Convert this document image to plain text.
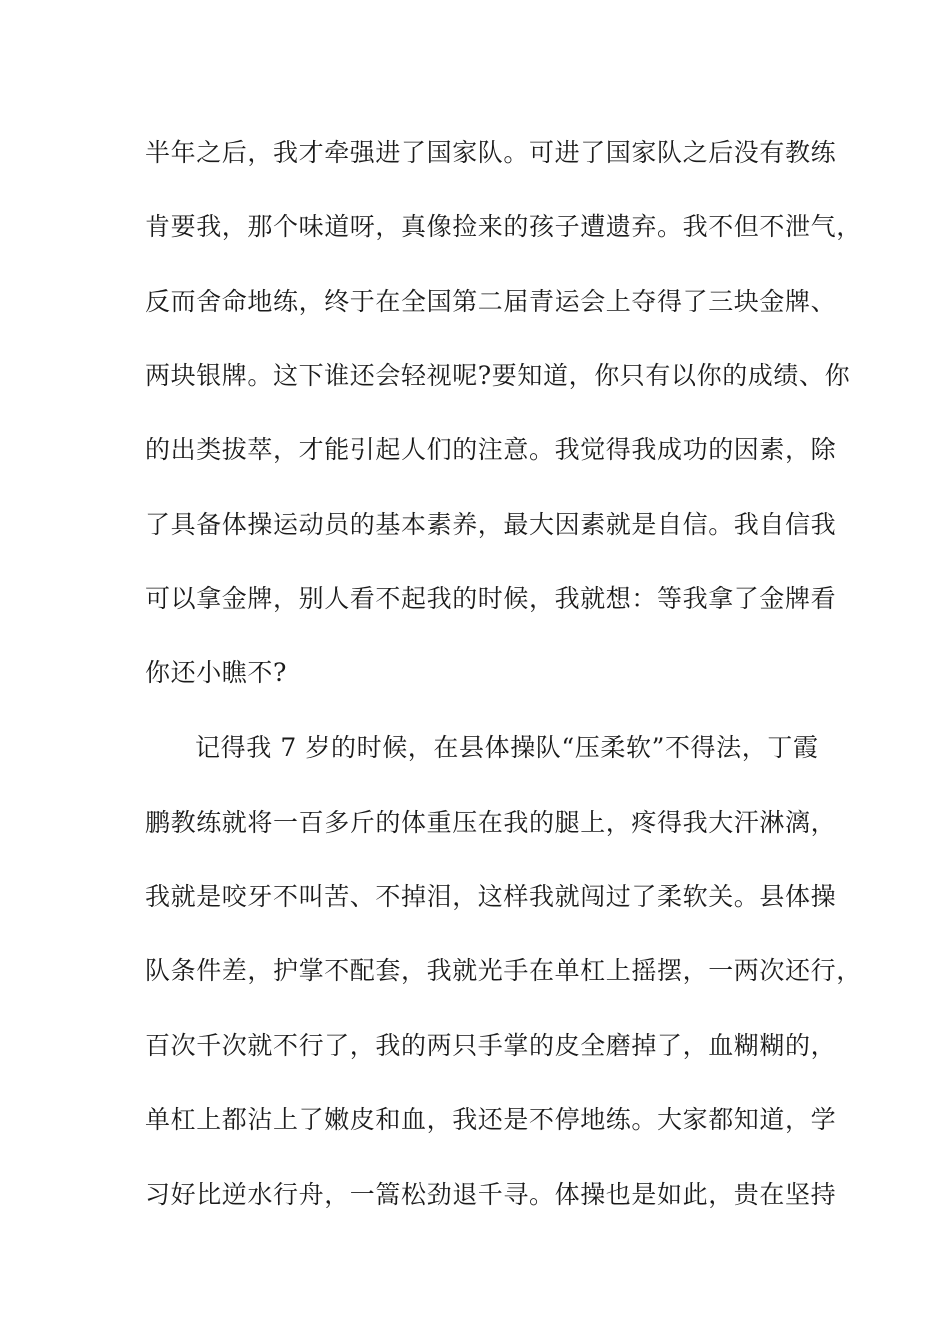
半年之后，我才牵强进了国家队。可进了国家队之后没有教练
肯要我，那个味道呀，真像捡来的孩子遭遗弃。我不但不泄气，
反而舍命地练，终于在全国第二届青运会上夺得了三块金牌、
两块银牌。这下谁还会轻视呢?要知道，你只有以你的成绩、你
的出类拔萃，才能引起人们的注意。我觉得我成功的因素，除
了具备体操运动员的基本素养，最大因素就是自信。我自信我
可以拿金牌，别人看不起我的时候，我就想：等我拿了金牌看
你还小瞧不?
记得我 7 岁的时候，在县体操队“压柔软”不得法，丁霞
鹏教练就将一百多斤的体重压在我的腿上，疼得我大汗淋漓，
我就是咬牙不叫苦、不掉泪，这样我就闯过了柔软关。县体操
队条件差，护掌不配套，我就光手在单杠上摇摆，一两次还行，
百次千次就不行了，我的两只手掌的皮全磨掉了，血糊糊的，
单杠上都沾上了嫩皮和血，我还是不停地练。大家都知道，学
习好比逆水行舟，一篙松劲退千寻。体操也是如此，贵在坚持
